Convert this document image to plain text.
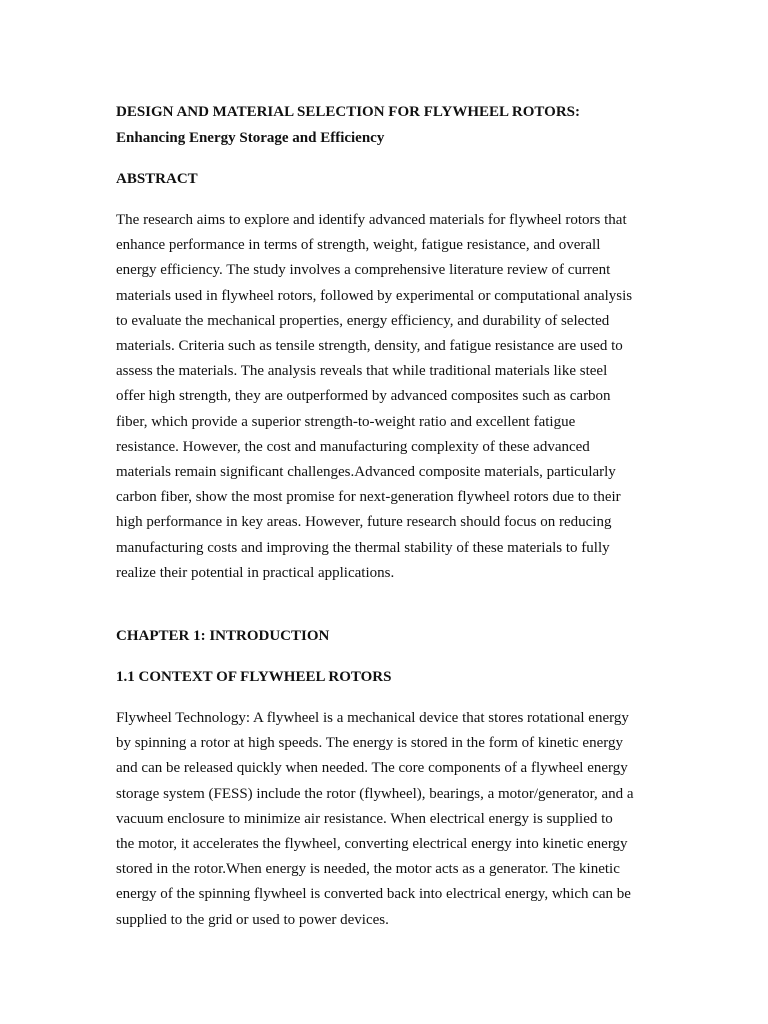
DESIGN AND MATERIAL SELECTION FOR FLYWHEEL ROTORS:

Enhancing Energy Storage and Efficiency

ABSTRACT

The research aims to explore and identify advanced materials for flywheel rotors that
enhance performance in terms of strength, weight, fatigue resistance, and overall
energy efficiency. The study involves a comprehensive literature review of current
materials used in flywheel rotors, followed by experimental or computational analysis
to evaluate the mechanical properties, energy efficiency, and durability of selected
materials. Criteria such as tensile strength, density, and fatigue resistance are used to
assess the materials. The analysis reveals that while traditional materials like steel
offer high strength, they are outperformed by advanced composites such as carbon
fiber, which provide a superior strength-to-weight ratio and excellent fatigue
resistance. However, the cost and manufacturing complexity of these advanced
materials remain significant challenges.Advanced composite materials, particularly
carbon fiber, show the most promise for next-generation flywheel rotors due to their
high performance in key areas. However, future research should focus on reducing
manufacturing costs and improving the thermal stability of these materials to fully
realize their potential in practical applications.

CHAPTER 1: INTRODUCTION

1.1 CONTEXT OF FLYWHEEL ROTORS

Flywheel Technology: A flywheel is a mechanical device that stores rotational energy
by spinning a rotor at high speeds. The energy is stored in the form of kinetic energy
and can be released quickly when needed. The core components of a flywheel energy
storage system (FESS) include the rotor (flywheel), bearings, a motor/generator, and a
vacuum enclosure to minimize air resistance. When electrical energy is supplied to
the motor, it accelerates the flywheel, converting electrical energy into kinetic energy
stored in the rotor.When energy is needed, the motor acts as a generator. The kinetic
energy of the spinning flywheel is converted back into electrical energy, which can be
supplied to the grid or used to power devices.
